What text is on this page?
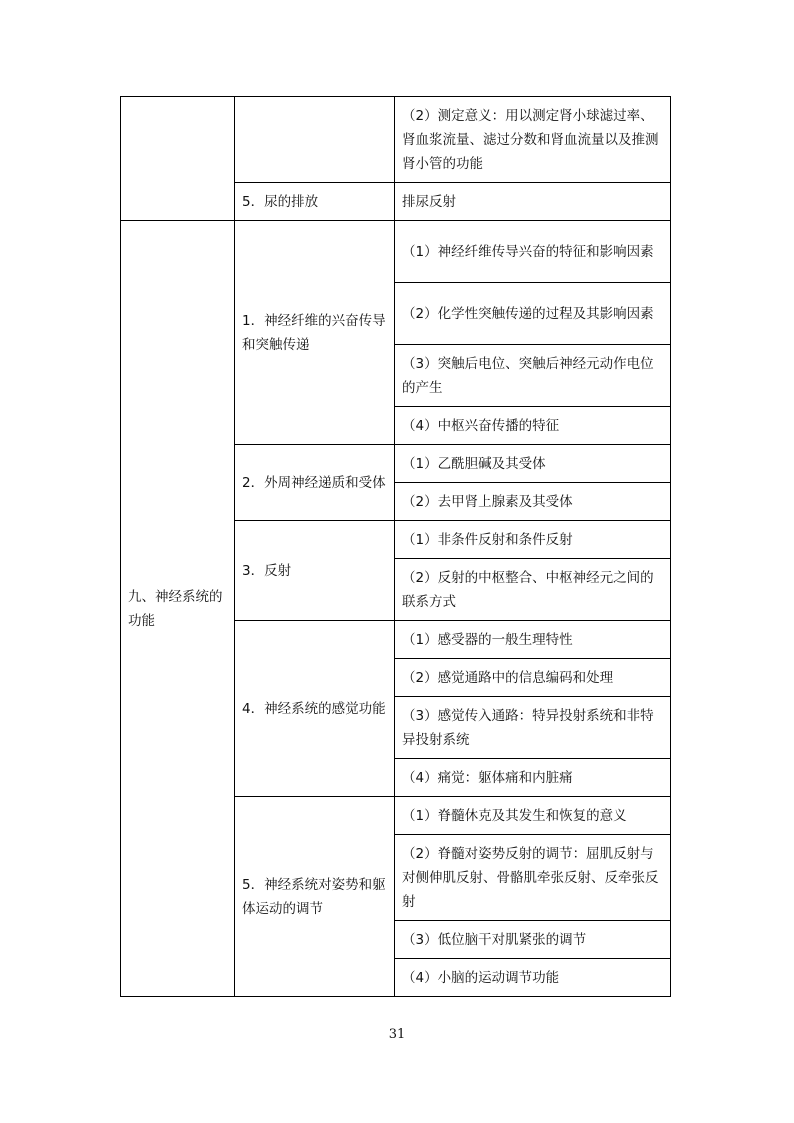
		（2）测定意义：用以测定肾小球滤过率、肾血浆流量、滤过分数和肾血流量以及推测肾小管的功能
	5．尿的排放	排尿反射
九、神经系统的功能	1．神经纤维的兴奋传导和突触传递	（1）神经纤维传导兴奋的特征和影响因素
		（2）化学性突触传递的过程及其影响因素
		（3）突触后电位、突触后神经元动作电位的产生
		（4）中枢兴奋传播的特征
	2．外周神经递质和受体	（1）乙酰胆碱及其受体
		（2）去甲肾上腺素及其受体
	3．反射	（1）非条件反射和条件反射
		（2）反射的中枢整合、中枢神经元之间的联系方式
	4．神经系统的感觉功能	（1）感受器的一般生理特性
		（2）感觉通路中的信息编码和处理
		（3）感觉传入通路：特异投射系统和非特异投射系统
		（4）痛觉：躯体痛和内脏痛
	5．神经系统对姿势和躯体运动的调节	（1）脊髓休克及其发生和恢复的意义
		（2）脊髓对姿势反射的调节：屈肌反射与对侧伸肌反射、骨骼肌牵张反射、反牵张反射
		（3）低位脑干对肌紧张的调节
		（4）小脑的运动调节功能
31
